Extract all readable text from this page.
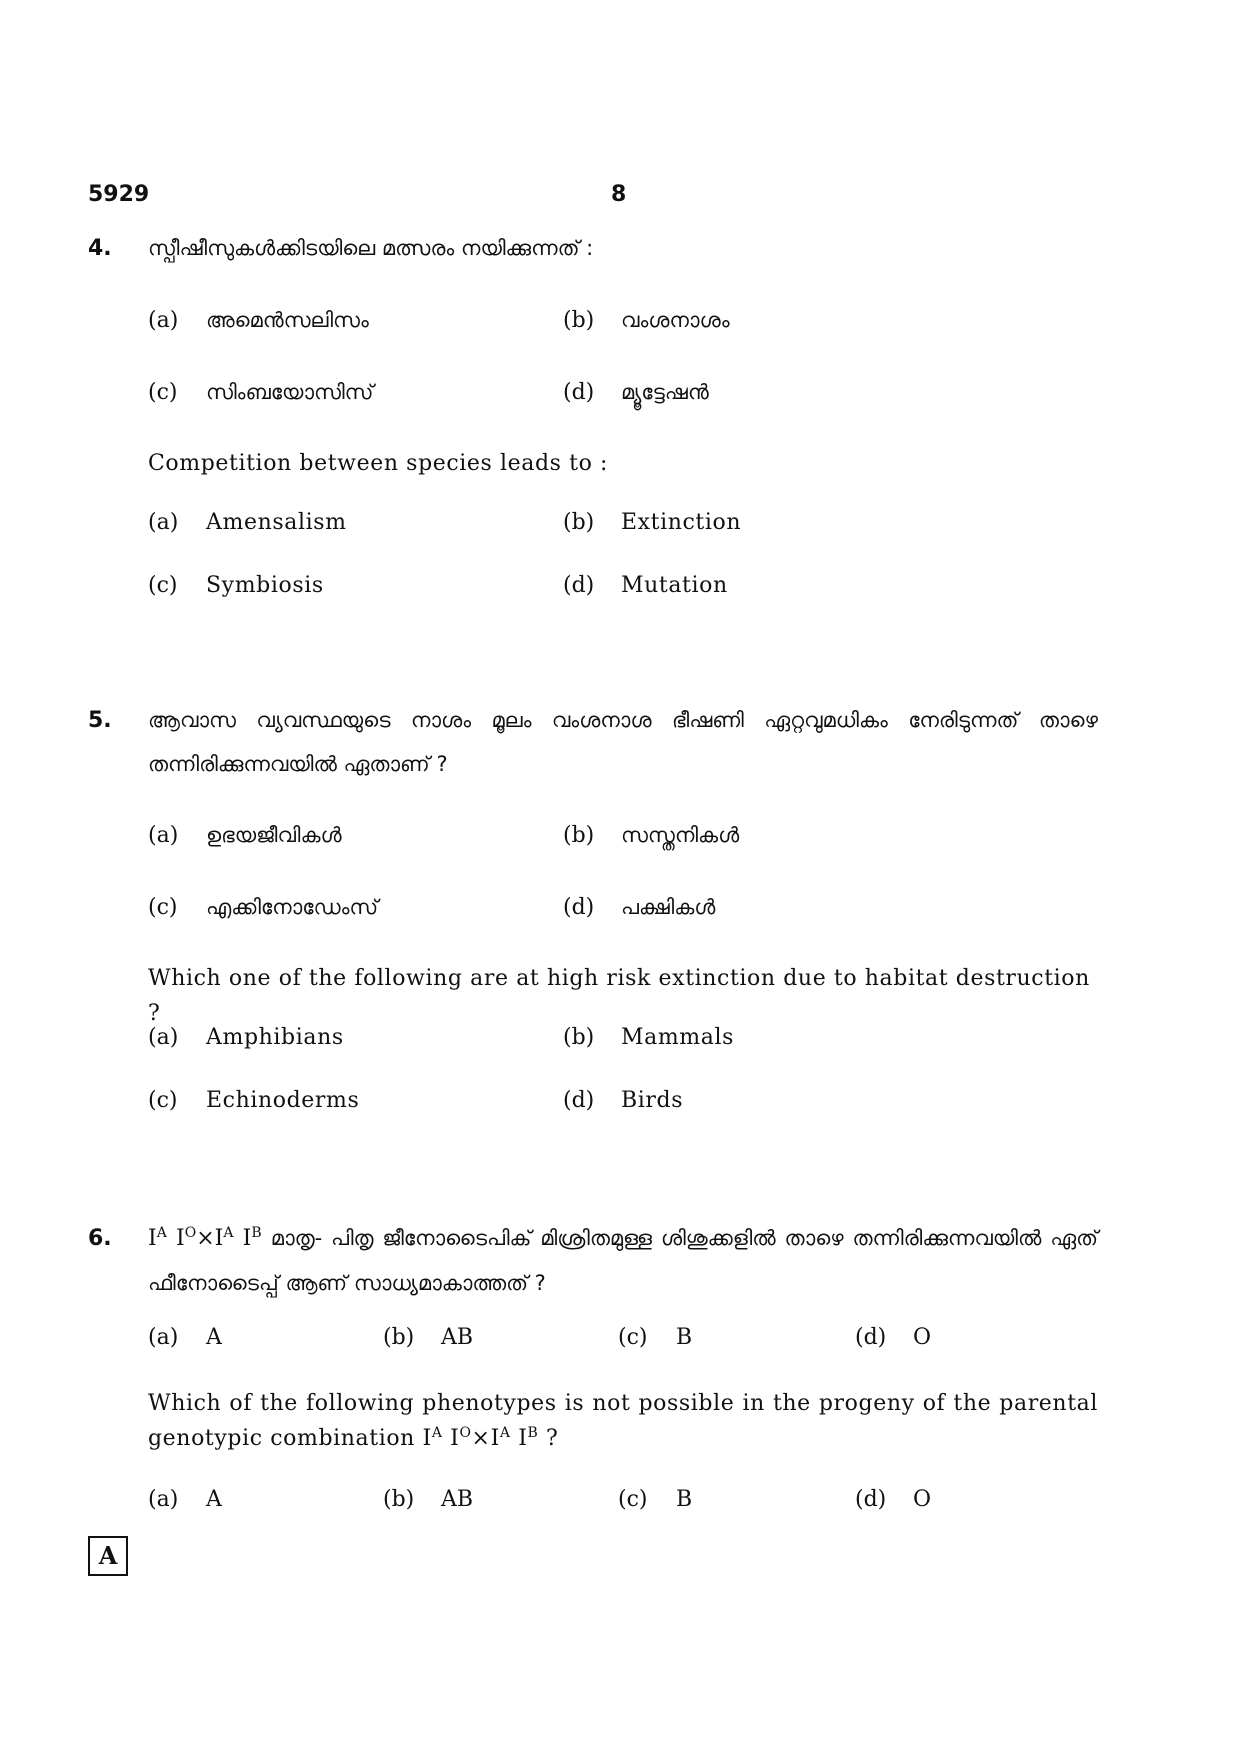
5929	8
4. സ്പീഷീസുകൾക്കിടയിലെ മത്സരം നയിക്കുന്നത് :
(a) അമെൻസലിസം	(b) വംശനാശം
(c) സിംബയോസിസ്	(d) മ്യൂട്ടേഷൻ
Competition between species leads to :
(a) Amensalism	(b) Extinction
(c) Symbiosis	(d) Mutation
5. ആവാസ വ്യവസ്ഥയുടെ നാശം മൂലം വംശനാശ ഭീഷണി ഏറ്റവുമധികം നേരിടുന്നത് താഴെ തന്നിരിക്കുന്നവയിൽ ഏതാണ് ?
(a) ഉഭയജീവികൾ	(b) സസ്തനികൾ
(c) എക്കിനോഡേംസ്	(d) പക്ഷികൾ
Which one of the following are at high risk extinction due to habitat destruction ?
(a) Amphibians	(b) Mammals
(c) Echinoderms	(d) Birds
6. $I^A$ $I^O\times I^A$ $I^B$ മാതൃ- പിതൃ ജീനോടൈപിക് മിശ്രിതമുള്ള ശിശുക്കളിൽ താഴെ തന്നിരിക്കുന്നവയിൽ ഏത് ഫീനോടൈപ്പ് ആണ് സാധ്യമാകാത്തത് ?
(a) A	(b) AB	(c) B	(d) O
Which of the following phenotypes is not possible in the progeny of the parental genotypic combination $I^A$ $I^O\times I^A$ $I^B$ ?
(a) A	(b) AB	(c) B	(d) O
A
